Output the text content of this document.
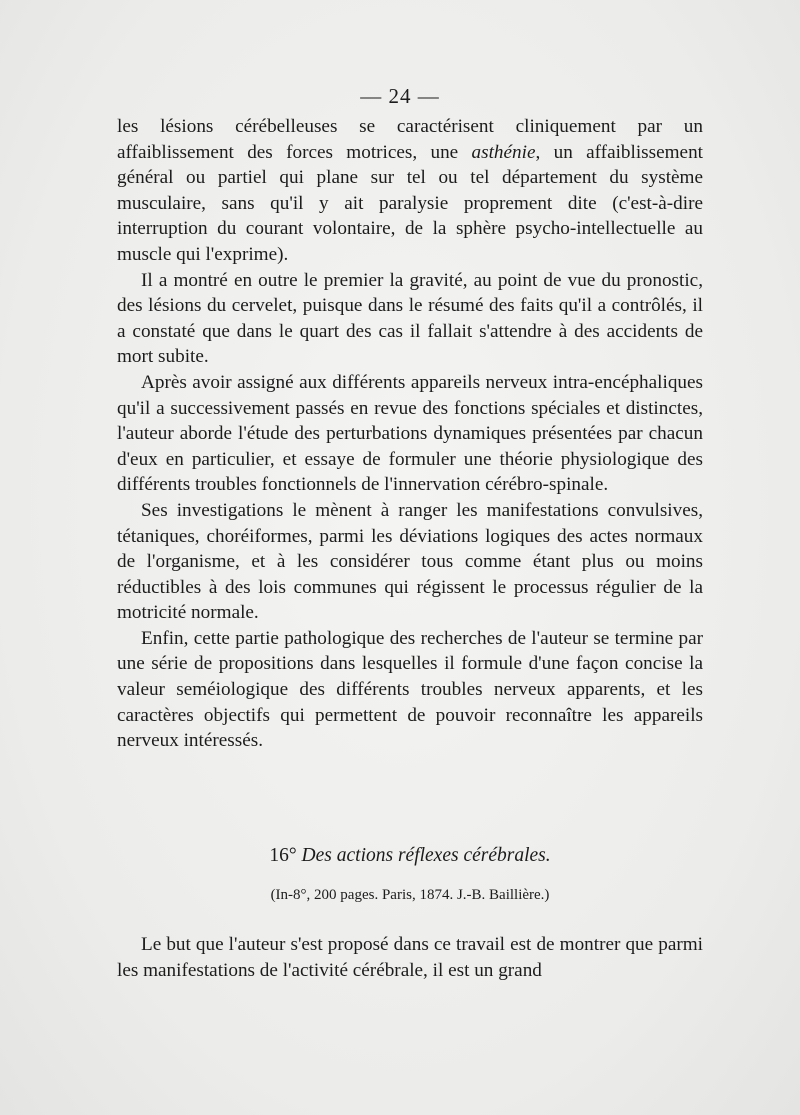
— 24 —

les lésions cérébelleuses se caractérisent cliniquement par un affaiblissement des forces motrices, une asthénie, un affaiblissement général ou partiel qui plane sur tel ou tel département du système musculaire, sans qu'il y ait paralysie proprement dite (c'est-à-dire interruption du courant volontaire, de la sphère psycho-intellectuelle au muscle qui l'exprime).

Il a montré en outre le premier la gravité, au point de vue du pronostic, des lésions du cervelet, puisque dans le résumé des faits qu'il a contrôlés, il a constaté que dans le quart des cas il fallait s'attendre à des accidents de mort subite.

Après avoir assigné aux différents appareils nerveux intra-encéphaliques qu'il a successivement passés en revue des fonctions spéciales et distinctes, l'auteur aborde l'étude des perturbations dynamiques présentées par chacun d'eux en particulier, et essaye de formuler une théorie physiologique des différents troubles fonctionnels de l'innervation cérébro-spinale.

Ses investigations le mènent à ranger les manifestations convulsives, tétaniques, choréiformes, parmi les déviations logiques des actes normaux de l'organisme, et à les considérer tous comme étant plus ou moins réductibles à des lois communes qui régissent le processus régulier de la motricité normale.

Enfin, cette partie pathologique des recherches de l'auteur se termine par une série de propositions dans lesquelles il formule d'une façon concise la valeur seméiologique des différents troubles nerveux apparents, et les caractères objectifs qui permettent de pouvoir reconnaître les appareils nerveux intéressés.

16° Des actions réflexes cérébrales.
(In-8°, 200 pages. Paris, 1874. J.-B. Baillière.)

Le but que l'auteur s'est proposé dans ce travail est de montrer que parmi les manifestations de l'activité cérébrale, il est un grand
